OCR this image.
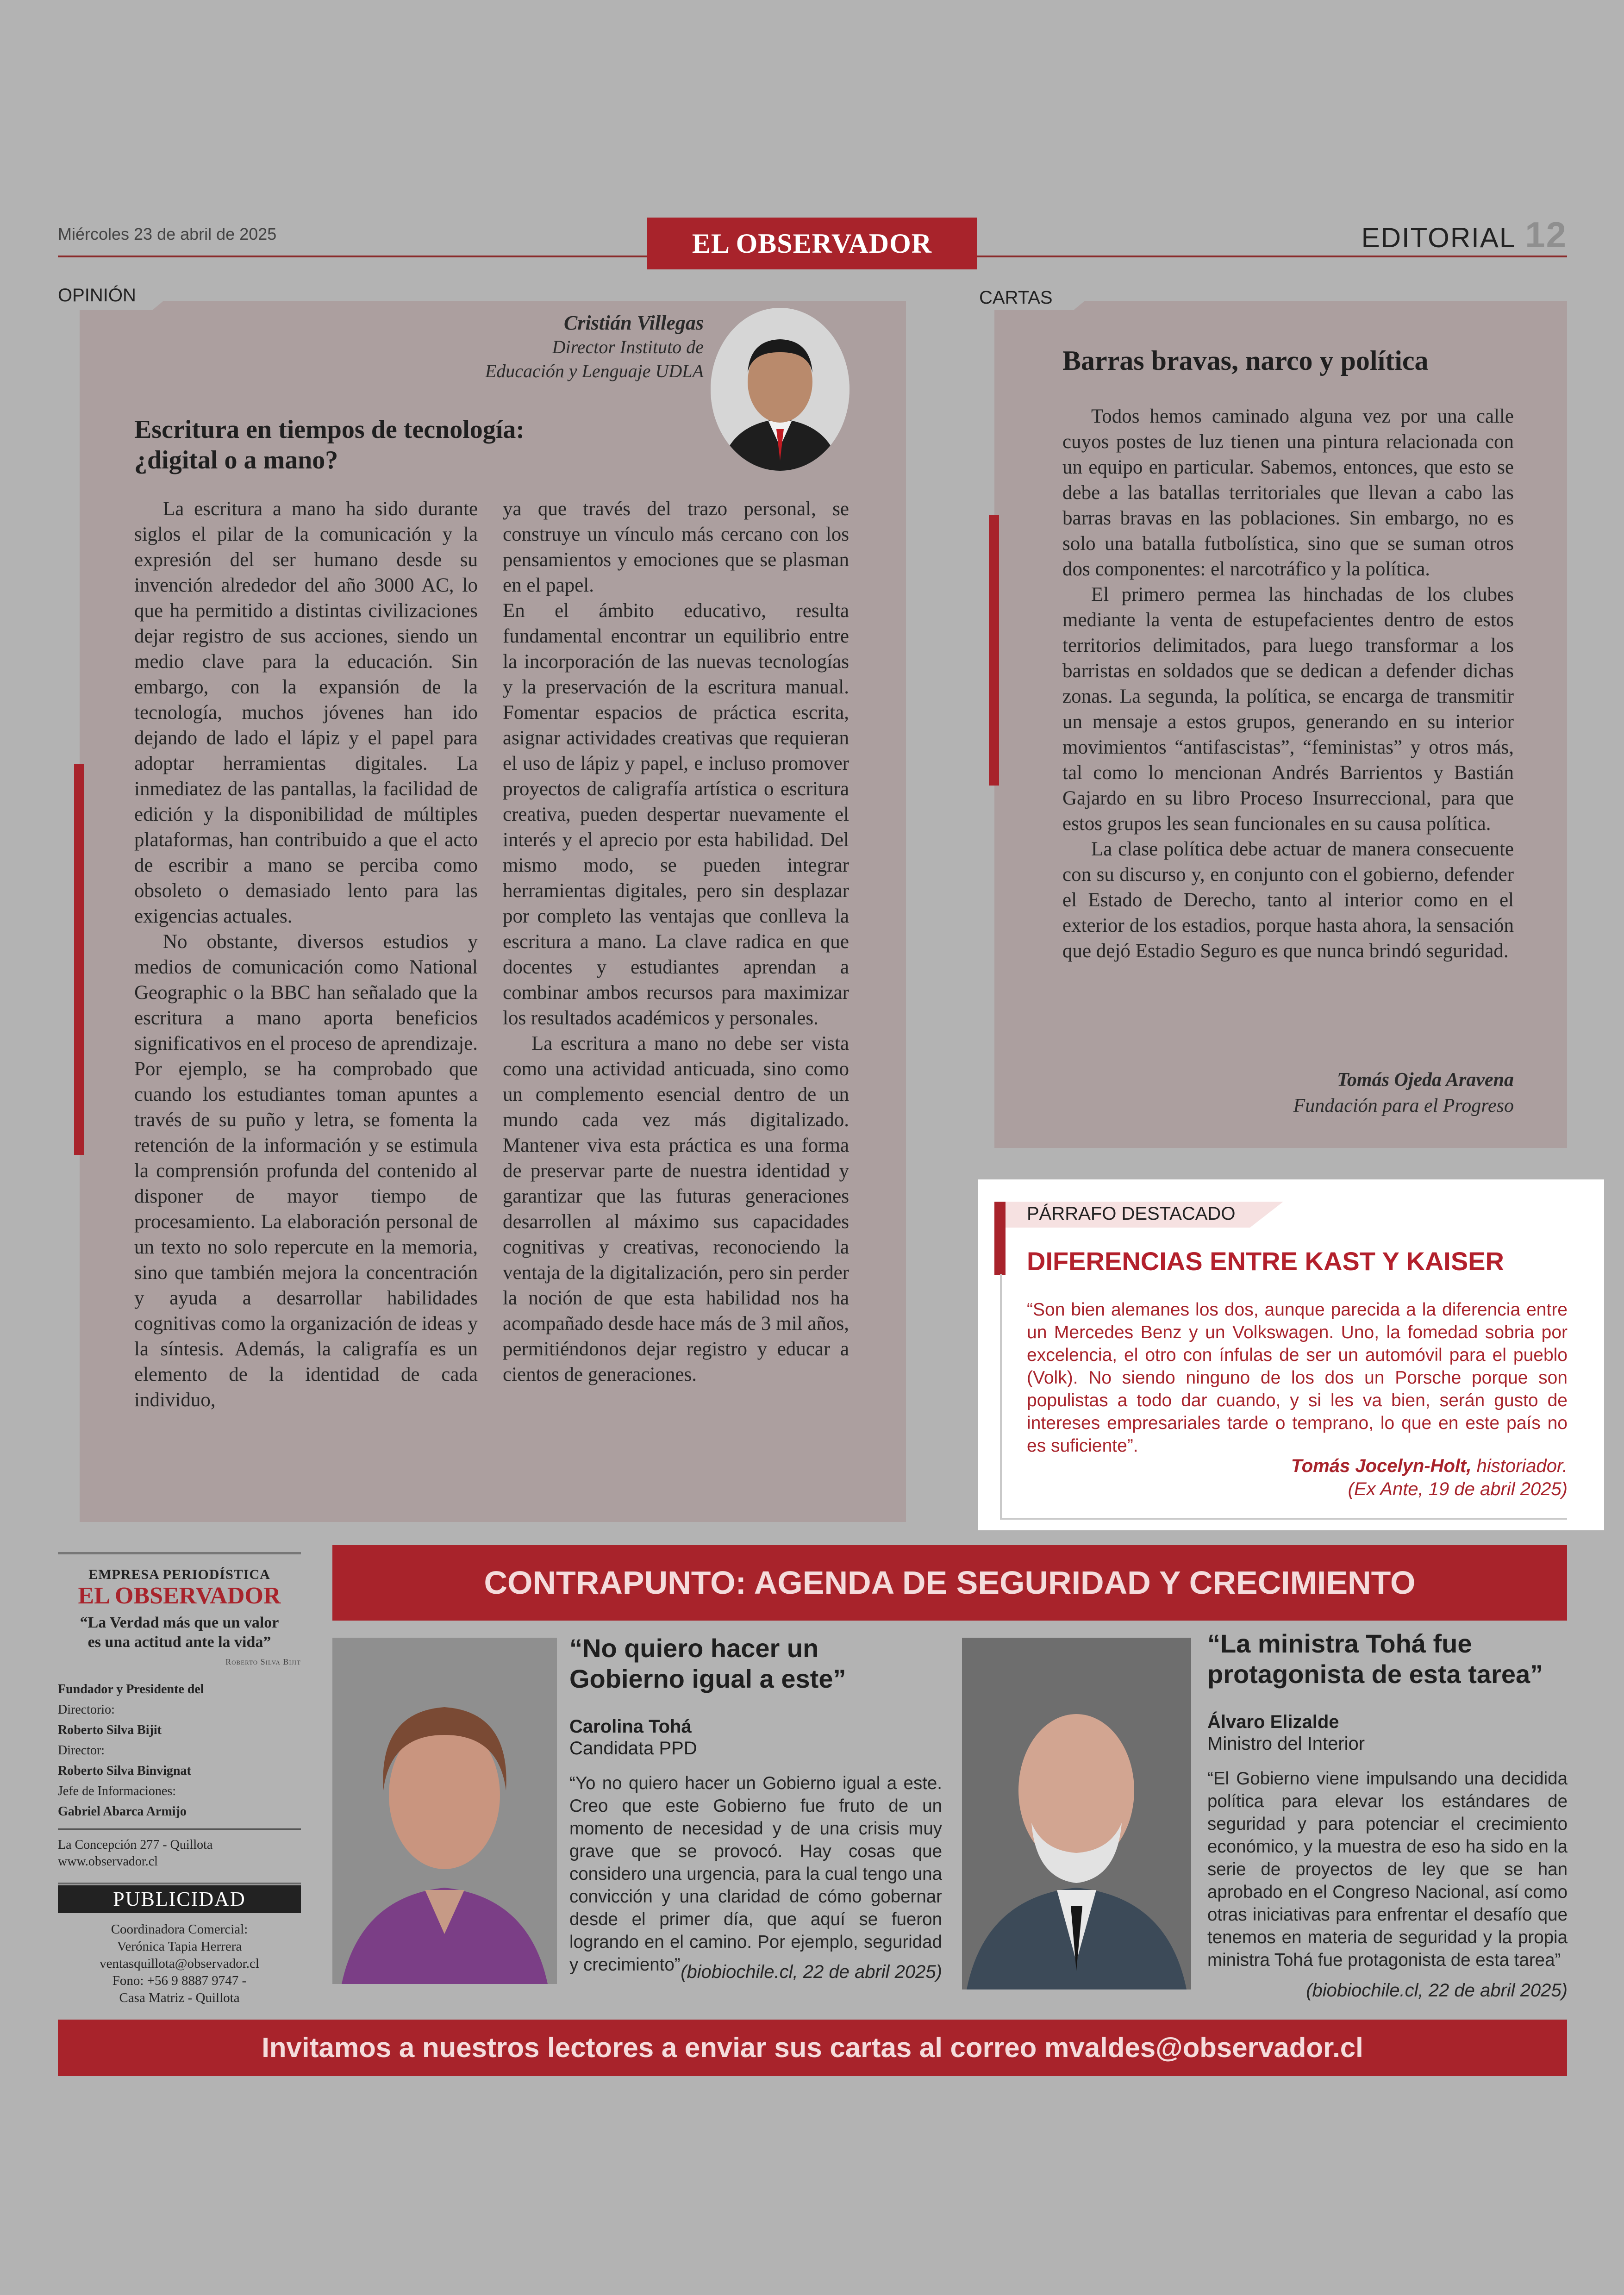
Miércoles 23 de abril de 2025	EL OBSERVADOR	EDITORIAL 12
OPINIÓN
Cristián Villegas
Director Instituto de
Educación y Lenguaje UDLA
Escritura en tiempos de tecnología:
¿digital o a mano?

La escritura a mano ha sido durante siglos el pilar de la comunicación y la expresión del ser humano desde su invención alrededor del año 3000 AC, lo que ha permitido a distintas civilizaciones dejar registro de sus acciones, siendo un medio clave para la educación. Sin embargo, con la expansión de la tecnología, muchos jóvenes han ido dejando de lado el lápiz y el papel para adoptar herramientas digitales. La inmediatez de las pantallas, la facilidad de edición y la disponibilidad de múltiples plataformas, han contribuido a que el acto de escribir a mano se perciba como obsoleto o demasiado lento para las exigencias actuales.

No obstante, diversos estudios y medios de comunicación como National Geographic o la BBC han señalado que la escritura a mano aporta beneficios significativos en el proceso de aprendizaje. Por ejemplo, se ha comprobado que cuando los estudiantes toman apuntes a través de su puño y letra, se fomenta la retención de la información y se estimula la comprensión profunda del contenido al disponer de mayor tiempo de procesamiento. La elaboración personal de un texto no solo repercute en la memoria, sino que también mejora la concentración y ayuda a desarrollar habilidades cognitivas como la organización de ideas y la síntesis. Además, la caligrafía es un elemento de la identidad de cada individuo,

ya que través del trazo personal, se construye un vínculo más cercano con los pensamientos y emociones que se plasman en el papel.

En el ámbito educativo, resulta fundamental encontrar un equilibrio entre la incorporación de las nuevas tecnologías y la preservación de la escritura manual. Fomentar espacios de práctica escrita, asignar actividades creativas que requieran el uso de lápiz y papel, e incluso promover proyectos de caligrafía artística o escritura creativa, pueden despertar nuevamente el interés y el aprecio por esta habilidad. Del mismo modo, se pueden integrar herramientas digitales, pero sin desplazar por completo las ventajas que conlleva la escritura a mano. La clave radica en que docentes y estudiantes aprendan a combinar ambos recursos para maximizar los resultados académicos y personales.

La escritura a mano no debe ser vista como una actividad anticuada, sino como un complemento esencial dentro de un mundo cada vez más digitalizado. Mantener viva esta práctica es una forma de preservar parte de nuestra identidad y garantizar que las futuras generaciones desarrollen al máximo sus capacidades cognitivas y creativas, reconociendo la ventaja de la digitalización, pero sin perder la noción de que esta habilidad nos ha acompañado desde hace más de 3 mil años, permitiéndonos dejar registro y educar a cientos de generaciones.

CARTAS
Barras bravas, narco y política

Todos hemos caminado alguna vez por una calle cuyos postes de luz tienen una pintura relacionada con un equipo en particular. Sabemos, entonces, que esto se debe a las batallas territoriales que llevan a cabo las barras bravas en las poblaciones. Sin embargo, no es solo una batalla futbolística, sino que se suman otros dos componentes: el narcotráfico y la política.

El primero permea las hinchadas de los clubes mediante la venta de estupefacientes dentro de estos territorios delimitados, para luego transformar a los barristas en soldados que se dedican a defender dichas zonas. La segunda, la política, se encarga de transmitir un mensaje a estos grupos, generando en su interior movimientos “antifascistas”, “feministas” y otros más, tal como lo mencionan Andrés Barrientos y Bastián Gajardo en su libro Proceso Insurreccional, para que estos grupos les sean funcionales en su causa política.

La clase política debe actuar de manera consecuente con su discurso y, en conjunto con el gobierno, defender el Estado de Derecho, tanto al interior como en el exterior de los estadios, porque hasta ahora, la sensación que dejó Estadio Seguro es que nunca brindó seguridad.

Tomás Ojeda Aravena
Fundación para el Progreso
PÁRRAFO DESTACADO
DIFERENCIAS ENTRE KAST Y KAISER
“Son bien alemanes los dos, aunque parecida a la diferencia entre un Mercedes Benz y un Volkswagen. Uno, la fomedad sobria por excelencia, el otro con ínfulas de ser un automóvil para el pueblo (Volk). No siendo ninguno de los dos un Porsche porque son populistas a todo dar cuando, y si les va bien, serán gusto de intereses empresariales tarde o temprano, lo que en este país no es suficiente”.
Tomás Jocelyn-Holt, historiador.
(Ex Ante, 19 de abril 2025)
EMPRESA PERIODÍSTICA
EL OBSERVADOR
“La Verdad más que un valor
es una actitud ante la vida”
Roberto Silva Bijit
Fundador y Presidente del
Directorio:
Roberto Silva Bijit
Director:
Roberto Silva Binvignat
Jefe de Informaciones:
Gabriel Abarca Armijo
La Concepción 277 - Quillota
www.observador.cl
PUBLICIDAD
Coordinadora Comercial:
Verónica Tapia Herrera
ventasquillota@observador.cl
Fono: +56 9 8887 9747 -
Casa Matriz - Quillota
CONTRAPUNTO: AGENDA DE SEGURIDAD Y CRECIMIENTO
“No quiero hacer un
Gobierno igual a este”
Carolina Tohá
Candidata PPD
“Yo no quiero hacer un Gobierno igual a este. Creo que este Gobierno fue fruto de un momento de necesidad y de una crisis muy grave que se provocó. Hay cosas que considero una urgencia, para la cual tengo una convicción y una claridad de cómo gobernar desde el primer día, que aquí se fueron logrando en el camino. Por ejemplo, seguridad y crecimiento” (biobiochile.cl, 22 de abril 2025)
“La ministra Tohá fue
protagonista de esta tarea”
Álvaro Elizalde
Ministro del Interior
“El Gobierno viene impulsando una decidida política para elevar los estándares de seguridad y para potenciar el crecimiento económico, y la muestra de eso ha sido en la serie de proyectos de ley que se han aprobado en el Congreso Nacional, así como otras iniciativas para enfrentar el desafío que tenemos en materia de seguridad y la propia ministra Tohá fue protagonista de esta tarea”
(biobiochile.cl, 22 de abril 2025)
Invitamos a nuestros lectores a enviar sus cartas al correo mvaldes@observador.cl
